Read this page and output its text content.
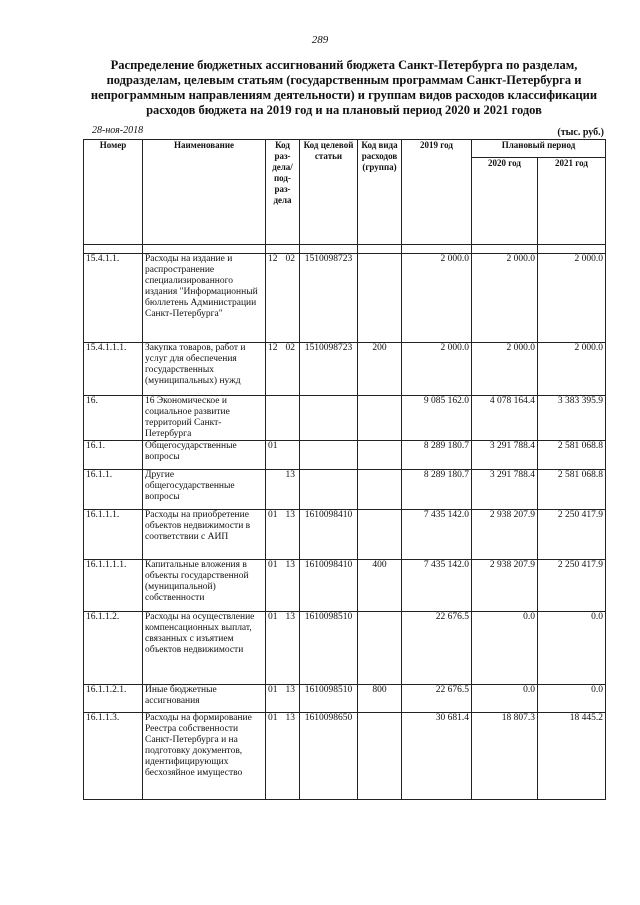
289
Распределение бюджетных ассигнований бюджета Санкт-Петербурга по разделам, подразделам, целевым статьям (государственным программам Санкт-Петербурга и непрограммным направлениям деятельности) и группам видов расходов классификации расходов бюджета на 2019 год и на плановый период 2020 и 2021 годов
28-ноя-2018	(тыс. руб.)
Номер	Наименование	Код раз-дела/ под-раз-дела	Код целевой статьи	Код вида расходов (группа)	2019 год	Плановый период	
						2020 год	2021 год

15.4.1.1.	Расходы на издание и распространение специализированного издания "Информационный бюллетень Администрации Санкт-Петербурга"	12 02	1510098723		2 000.0	2 000.0	2 000.0
15.4.1.1.1.	Закупка товаров, работ и услуг для обеспечения государственных (муниципальных) нужд	12 02	1510098723	200	2 000.0	2 000.0	2 000.0
16.	16 Экономическое и социальное развитие территорий Санкт-Петербурга				9 085 162.0	4 078 164.4	3 383 395.9
16.1.	Общегосударственные вопросы	01			8 289 180.7	3 291 788.4	2 581 068.8
16.1.1.	Другие общегосударственные вопросы	13			8 289 180.7	3 291 788.4	2 581 068.8
16.1.1.1.	Расходы на приобретение объектов недвижимости в соответствии с АИП	01 13	1610098410		7 435 142.0	2 938 207.9	2 250 417.9
16.1.1.1.1.	Капитальные вложения в объекты государственной (муниципальной) собственности	01 13	1610098410	400	7 435 142.0	2 938 207.9	2 250 417.9
16.1.1.2.	Расходы на осуществление компенсационных выплат, связанных с изъятием объектов недвижимости	01 13	1610098510		22 676.5	0.0	0.0
16.1.1.2.1.	Иные бюджетные ассигнования	01 13	1610098510	800	22 676.5	0.0	0.0
16.1.1.3.	Расходы на формирование Реестра собственности Санкт-Петербурга и на подготовку документов, идентифицирующих бесхозяйное имущество	01 13	1610098650		30 681.4	18 807.3	18 445.2
